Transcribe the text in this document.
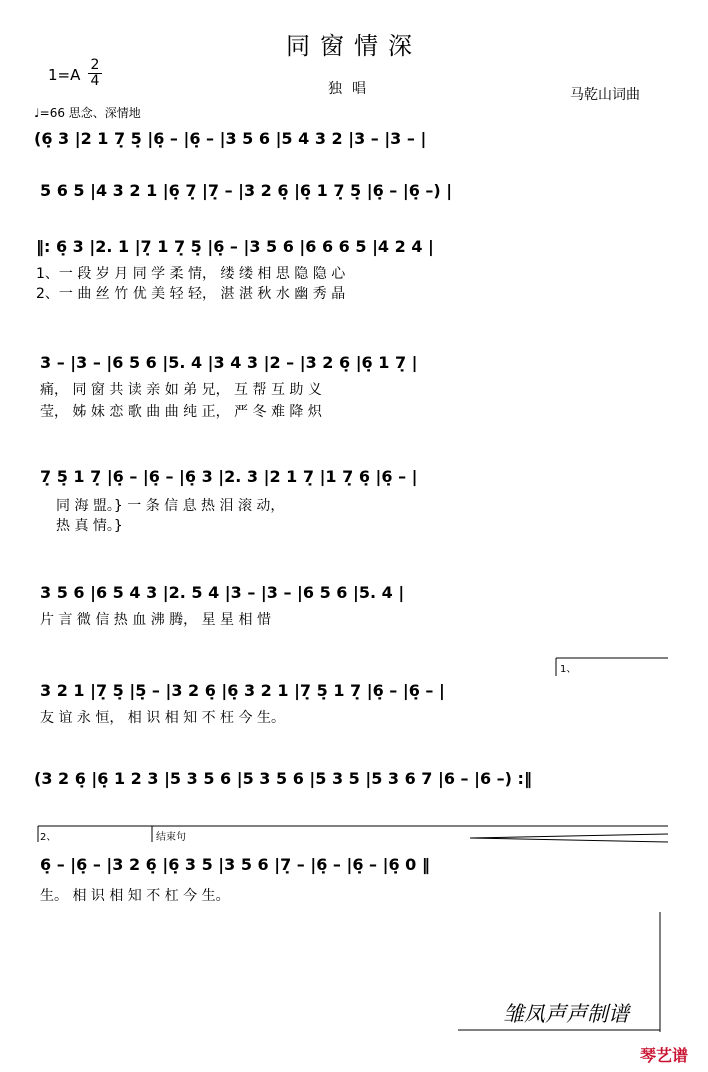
同窗情深
$1=A \frac{2}{4}$	独唱	马乾山词曲
♩=66 思念、深情地
(6̣ 3 |2 1 7̣ 5̣ |6̣ – |6̣ – |3 5 6 |5 4 3 2 |3 – |3 – |
5 6 5 |4 3 2 1 |6̣ 7̣ |7̣ – |3 2 6̣ |6̣ 1 7̣ 5̣ |6̣ – |6̣ –) |
‖: 6̣ 3 |2. 1 |7̣ 1 7̣ 5̣ |6̣ – |3 5 6 |6 6 6 5 |4 2 4 |
1、一 段 岁 月 同 学 柔 情， 缕 缕 相 思 隐 隐 心
2、一 曲 丝 竹 优 美 轻 轻， 湛 湛 秋 水 幽 秀 晶
3 – |3 – |6 5 6 |5. 4 |3 4 3 |2 – |3 2 6̣ |6̣ 1 7̣ |
痛， 同 窗 共 读 亲 如 弟 兄， 互 帮 互 助 义
莹， 姊 妹 恋 歌 曲 曲 纯 正， 严 冬 难 降 炽
7̣ 5̣ 1 7̣ |6̣ – |6̣ – |6̣ 3 |2. 3 |2 1 7̣ |1 7̣ 6̣ |6̣ – |
同 海 盟。} 一 条 信 息 热 泪 滚 动，
热 真 情。}
3 5 6 |6 5 4 3 |2. 5 4 |3 – |3 – |6 5 6 |5. 4 |
片 言 微 信 热 血 沸 腾， 星 星 相 惜
3 2 1 |7̣ 5̣ |5̣ – |3 2 6̣ |6̣ 3 2 1 |7̣ 5̣ 1 7̣ |6̣ – |6̣ – |
友 谊 永 恒， 相 识 相 知 不 枉 今 生。
(3 2 6̣ |6̣ 1 2 3 |5 3 5 6 |5 3 5 6 |5 3 5 |5 3 6 7 |6 – |6 –) :‖
6̣ – |6̣ – |3 2 6̣ |6̣ 3 5 |3 5 6 |7̣ – |6̣ – |6̣ – |6̣ 0 ‖
生。 相 识 相 知 不 杠 今 生。
1、
2、	结束句
雏凤声声制谱
琴艺谱
